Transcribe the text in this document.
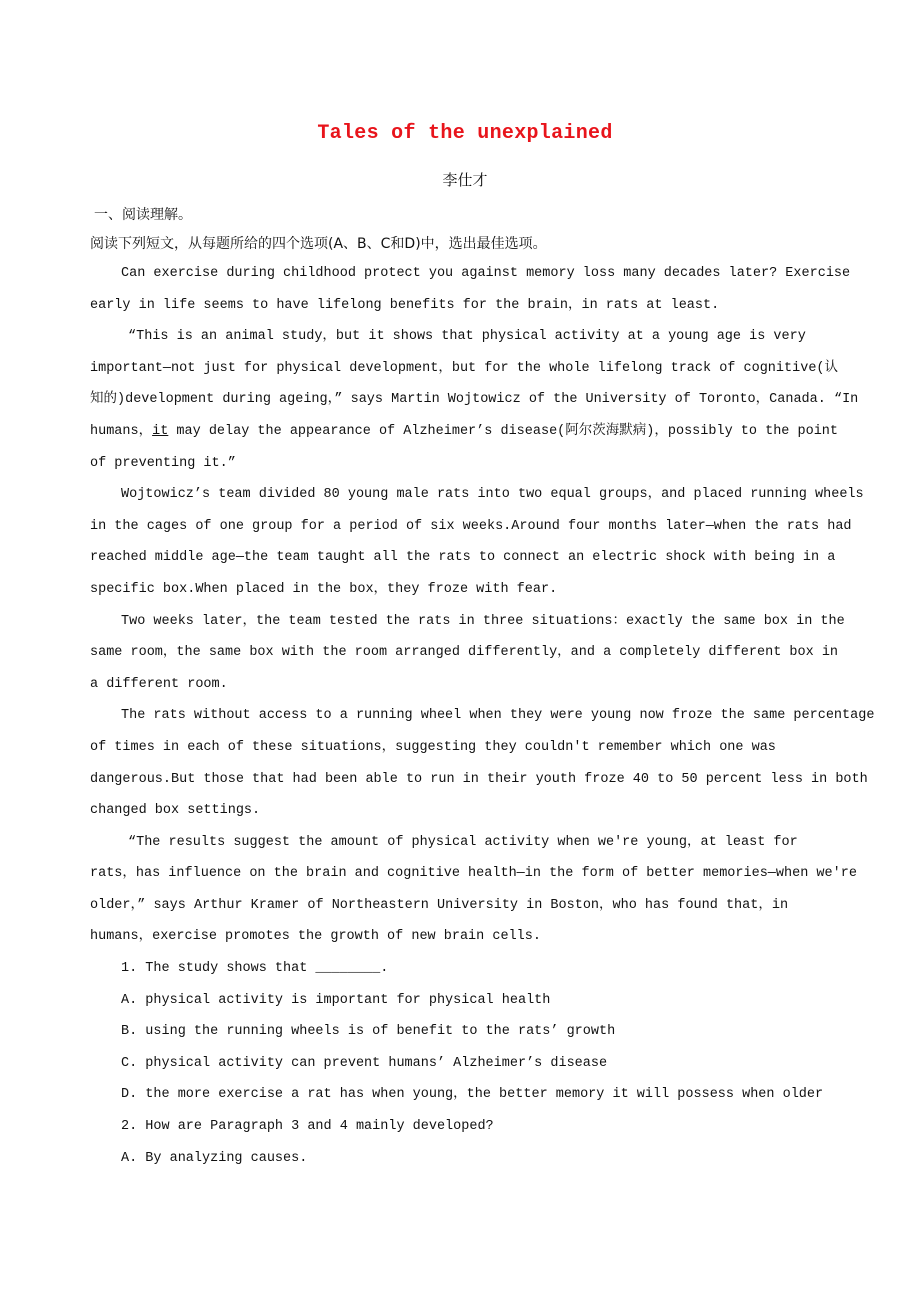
Tales of the unexplained
李仕才
一、阅读理解。
阅读下列短文，从每题所给的四个选项(A、B、C和D)中，选出最佳选项。
Can exercise during childhood protect you against memory loss many decades later? Exercise
early in life seems to have lifelong benefits for the brain，in rats at least.
“This is an animal study，but it shows that physical activity at a young age is very
important—not just for physical development，but for the whole lifelong track of cognitive(认
知的)development during ageing，” says Martin Wojtowicz of the University of Toronto，Canada. “In
humans，it may delay the appearance of Alzheimer’s disease(阿尔茨海默病)，possibly to the point
of preventing it.”
Wojtowicz’s team divided 80 young male rats into two equal groups，and placed running wheels
in the cages of one group for a period of six weeks.Around four months later—when the rats had
reached middle age—the team taught all the rats to connect an electric shock with being in a
specific box.When placed in the box，they froze with fear.
Two weeks later，the team tested the rats in three situations：exactly the same box in the
same room，the same box with the room arranged differently，and a completely different box in
a different room.
The rats without access to a running wheel when they were young now froze the same percentage
of times in each of these situations，suggesting they couldn't remember which one was
dangerous.But those that had been able to run in their youth froze 40 to 50 percent less in both
changed box settings.
“The results suggest the amount of physical activity when we're young，at least for
rats，has influence on the brain and cognitive health—in the form of better memories—when we're
older，” says Arthur Kramer of Northeastern University in Boston，who has found that，in
humans，exercise promotes the growth of new brain cells.
1. The study shows that ________.
A. physical activity is important for physical health
B. using the running wheels is of benefit to the rats’ growth
C. physical activity can prevent humans’ Alzheimer’s disease
D. the more exercise a rat has when young，the better memory it will possess when older
2. How are Paragraph 3 and 4 mainly developed?
A. By analyzing causes.
